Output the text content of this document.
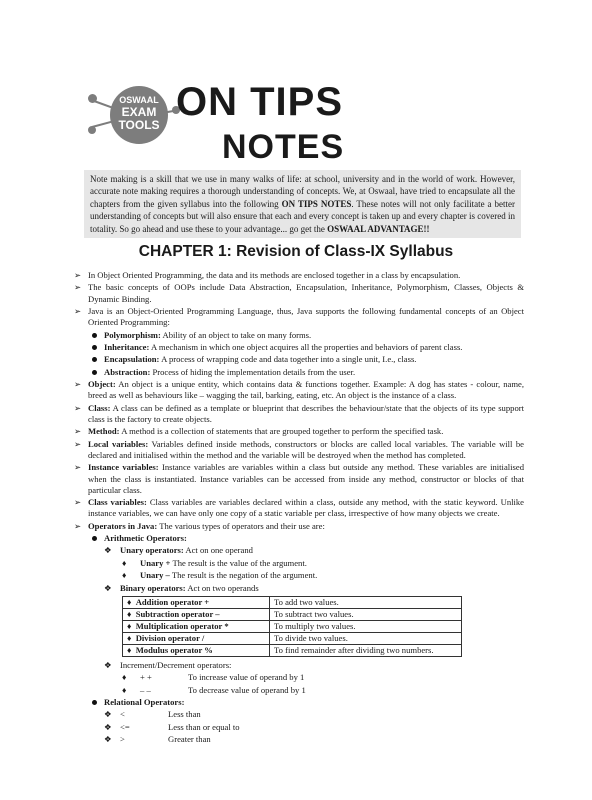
OSWAAL
EXAM
TOOLS
ON TIPS
NOTES
Note making is a skill that we use in many walks of life: at school, university and in the world of work. However, accurate note making requires a thorough understanding of concepts. We, at Oswaal, have tried to encapsulate all the chapters from the given syllabus into the following ON TIPS NOTES. These notes will not only facilitate a better understanding of concepts but will also ensure that each and every concept is taken up and every chapter is covered in totality. So go ahead and use these to your advantage... go get the OSWAAL ADVANTAGE!!
CHAPTER 1: Revision of Class-IX Syllabus
➢ In Object Oriented Programming, the data and its methods are enclosed together in a class by encapsulation.
➢ The basic concepts of OOPs include Data Abstraction, Encapsulation, Inheritance, Polymorphism, Classes, Objects & Dynamic Binding.
➢ Java is an Object-Oriented Programming Language, thus, Java supports the following fundamental concepts of an Object Oriented Programming:
Polymorphism: Ability of an object to take on many forms.
Inheritance: A mechanism in which one object acquires all the properties and behaviors of parent class.
Encapsulation: A process of wrapping code and data together into a single unit, I.e., class.
Abstraction: Process of hiding the implementation details from the user.
➢ Object: An object is a unique entity, which contains data & functions together. Example: A dog has states - colour, name, breed as well as behaviours like – wagging the tail, barking, eating, etc. An object is the instance of a class.
➢ Class: A class can be defined as a template or blueprint that describes the behaviour/state that the objects of its type support class is the factory to create objects.
➢ Method: A method is a collection of statements that are grouped together to perform the specified task.
➢ Local variables: Variables defined inside methods, constructors or blocks are called local variables. The variable will be declared and initialised within the method and the variable will be destroyed when the method has completed.
➢ Instance variables: Instance variables are variables within a class but outside any method. These variables are initialised when the class is instantiated. Instance variables can be accessed from inside any method, constructor or blocks of that particular class.
➢ Class variables: Class variables are variables declared within a class, outside any method, with the static keyword. Unlike instance variables, we can have only one copy of a static variable per class, irrespective of how many objects we create.
➢ Operators in Java: The various types of operators and their use are:
Arithmetic Operators:
❖ Unary operators: Act on one operand
♦ Unary + The result is the value of the argument.
♦ Unary – The result is the negation of the argument.
❖ Binary operators: Act on two operands
♦ Addition operator +	To add two values.
♦ Subtraction operator –	To subtract two values.
♦ Multiplication operator *	To multiply two values.
♦ Division operator /	To divide two values.
♦ Modulus operator %	To find remainder after dividing two numbers.
❖ Increment/Decrement operators:
♦ + +	To increase value of operand by 1
♦ – –	To decrease value of operand by 1
Relational Operators:
❖ <	Less than
❖ <=	Less than or equal to
❖ >	Greater than
